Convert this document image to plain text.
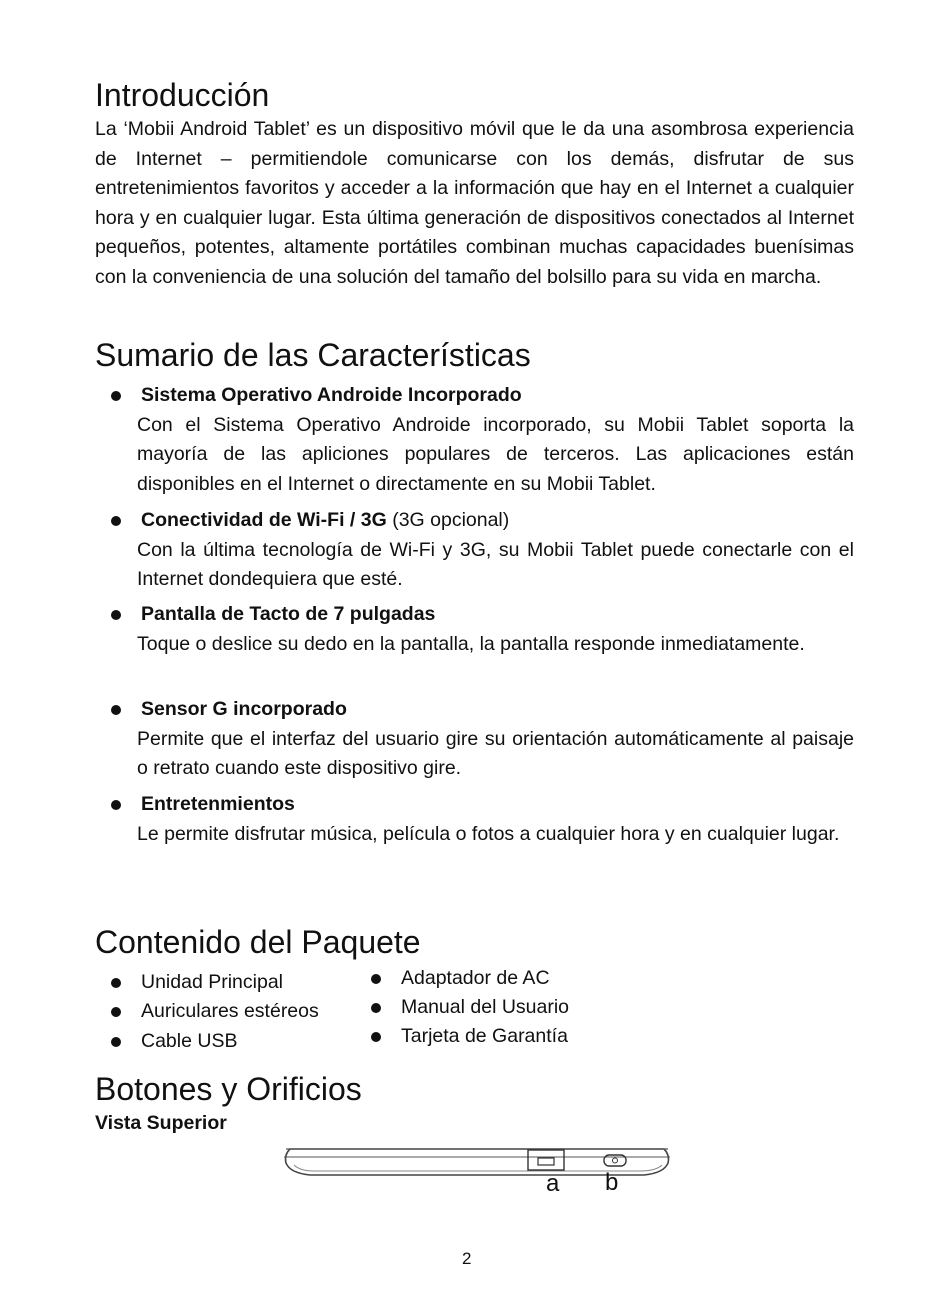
Introducción

La ‘Mobii Android Tablet’ es un dispositivo móvil que le da una asombrosa experiencia de Internet – permitiendole comunicarse con los demás, disfrutar de sus entretenimientos favoritos y acceder a la información que hay en el Internet a cualquier hora y en cualquier lugar. Esta última generación de dispositivos conectados al Internet pequeños, potentes, altamente portátiles combinan muchas capacidades buenísimas con la conveniencia de una solución del tamaño del bolsillo para su vida en marcha.

Sumario de las Características
Sistema Operativo Androide Incorporado

Con el Sistema Operativo Androide incorporado, su Mobii Tablet soporta la mayoría de las apliciones populares de terceros. Las aplicaciones están disponibles en el Internet o directamente en su Mobii Tablet.

Conectividad de Wi-Fi / 3G (3G opcional)

Con la última tecnología de Wi-Fi y 3G, su Mobii Tablet puede conectarle con el Internet dondequiera que esté.

Pantalla de Tacto de 7 pulgadas

Toque o deslice su dedo en la pantalla, la pantalla responde inmediatamente.

Sensor G incorporado

Permite que el interfaz del usuario gire su orientación automáticamente al paisaje o retrato cuando este dispositivo gire.

Entretenmientos

Le permite disfrutar música, película o fotos a cualquier hora y en cualquier lugar.

Contenido del Paquete
Unidad Principal
Auriculares estéreos
Cable USB
Adaptador de AC
Manual del Usuario
Tarjeta de Garantía
Botones y Orificios
Vista Superior
a b
2
